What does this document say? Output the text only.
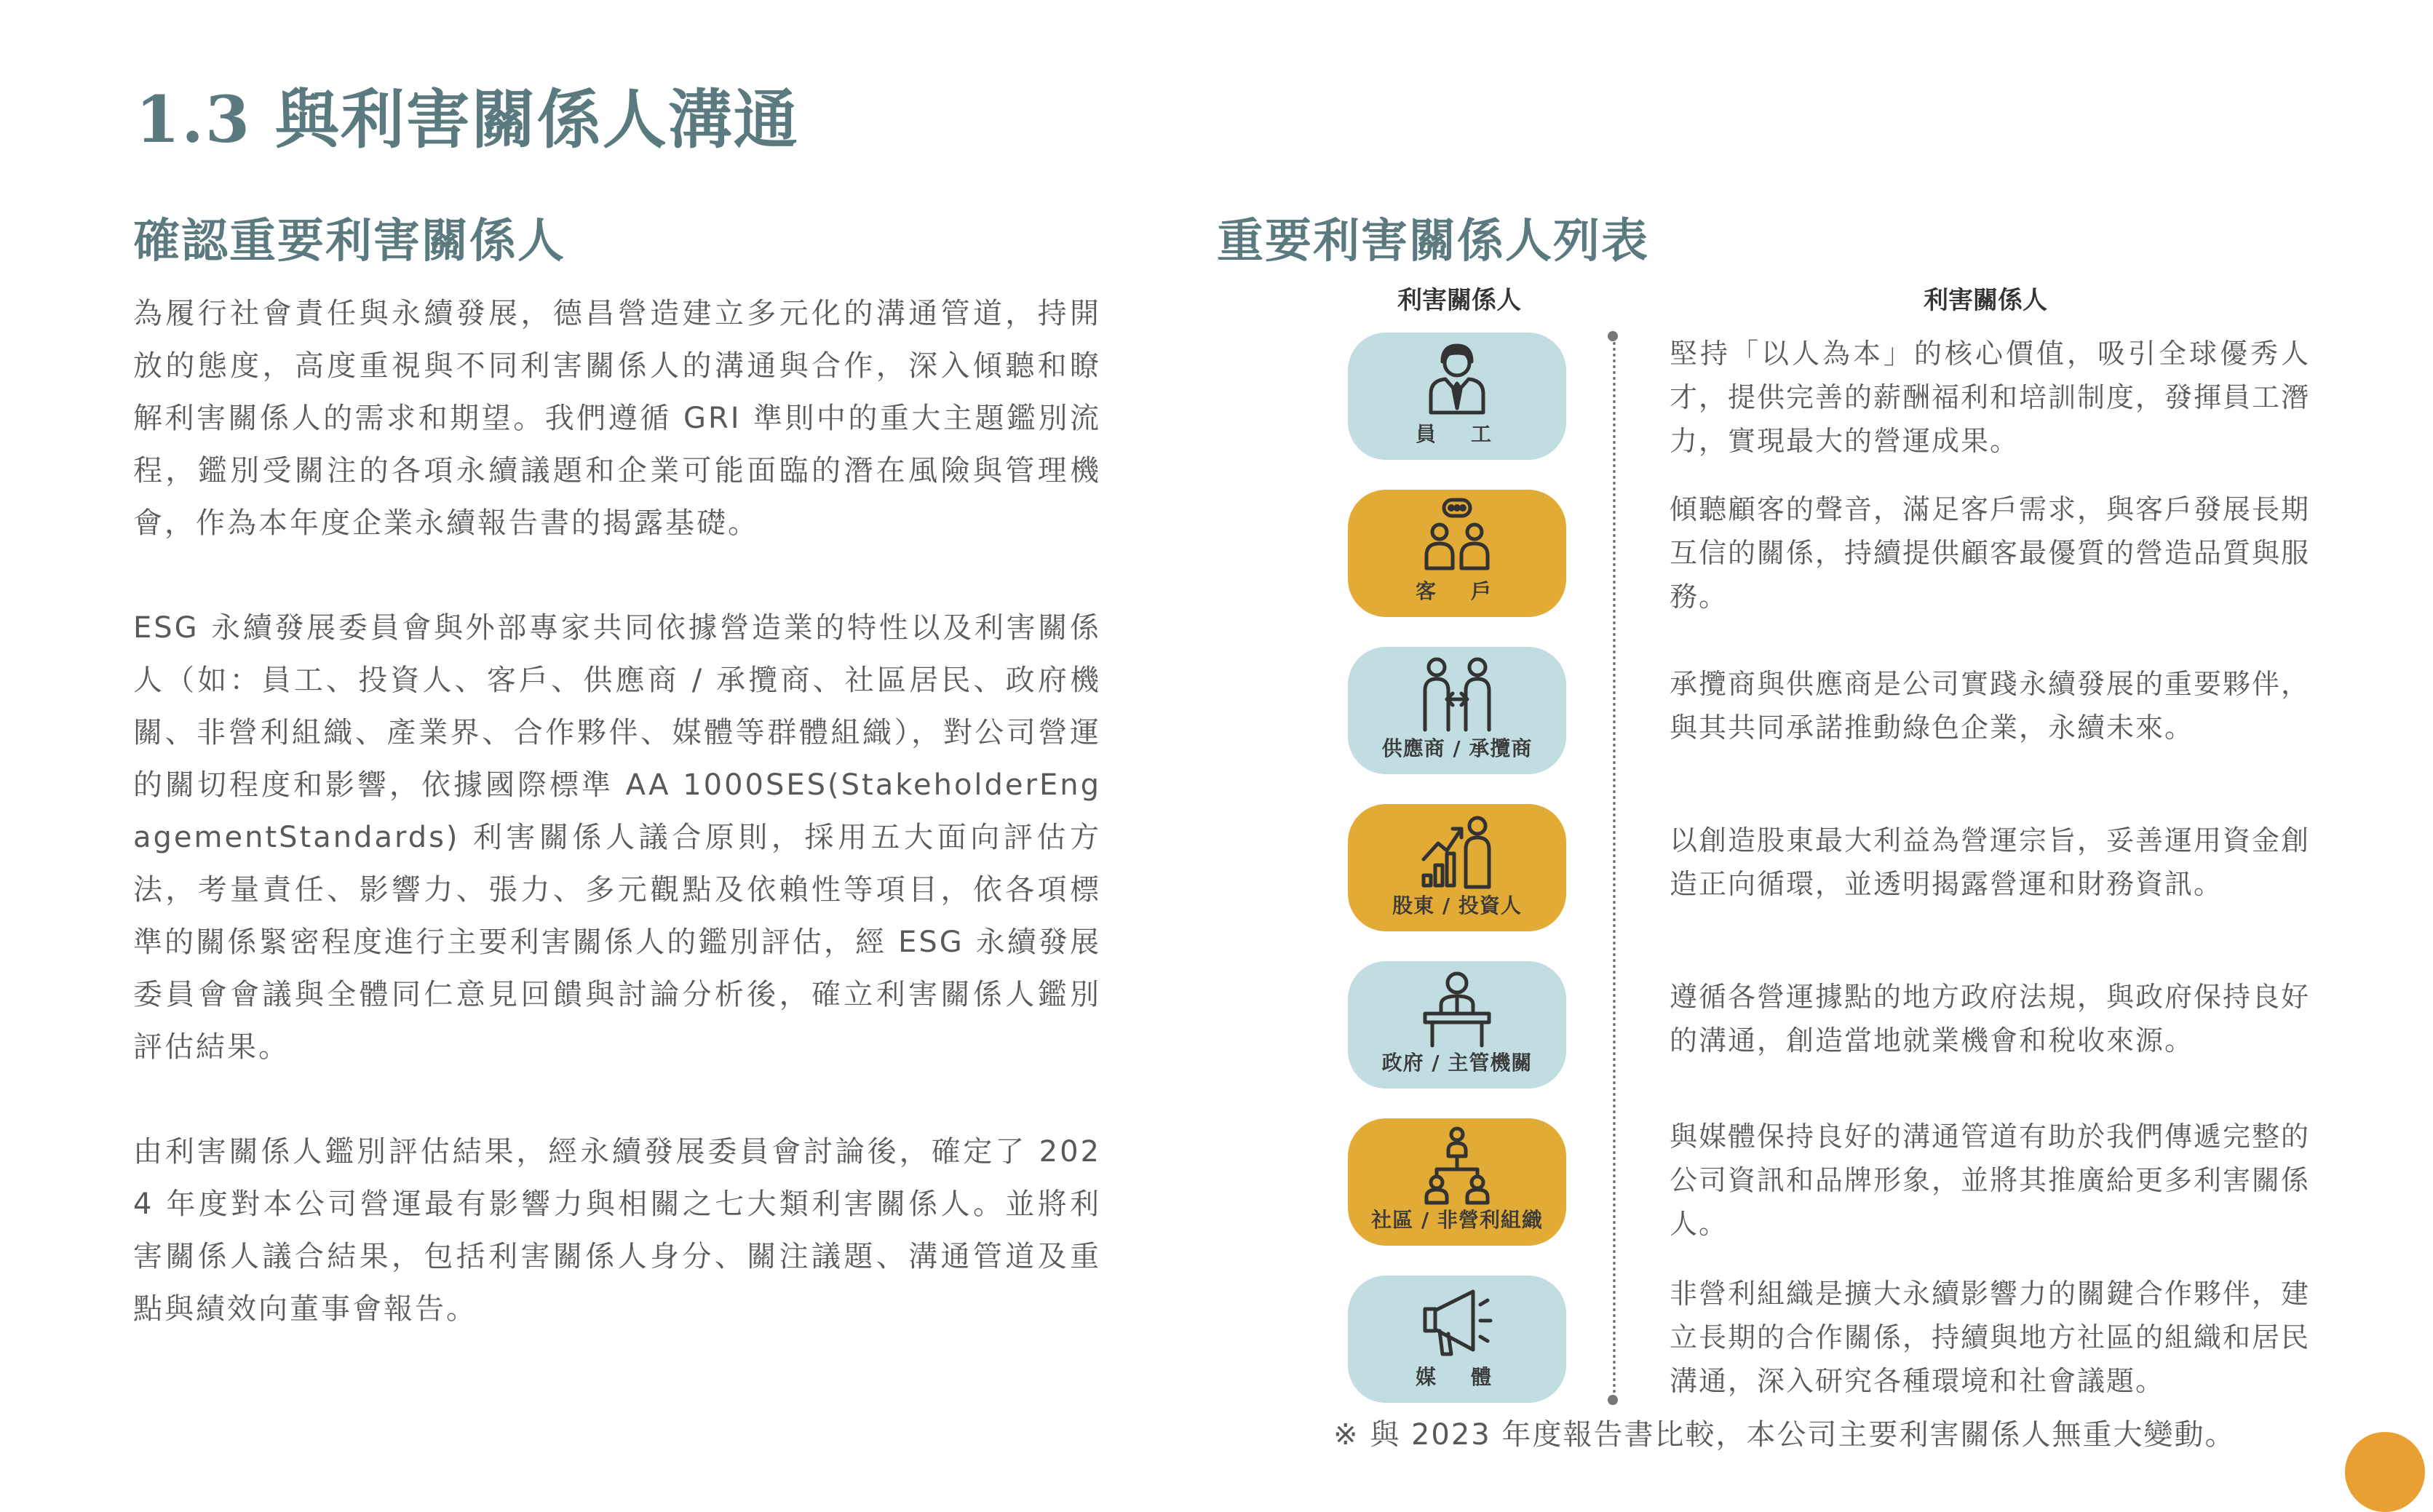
1.3 與利害關係人溝通
確認重要利害關係人

為履行社會責任與永續發展，德昌營造建立多元化的溝通管道，持開放的態度，高度重視與不同利害關係人的溝通與合作，深入傾聽和瞭解利害關係人的需求和期望。我們遵循 GRI 準則中的重大主題鑑別流程，鑑別受關注的各項永續議題和企業可能面臨的潛在風險與管理機會，作為本年度企業永續報告書的揭露基礎。

ESG 永續發展委員會與外部專家共同依據營造業的特性以及利害關係人（如：員工、投資人、客戶、供應商 / 承攬商、社區居民、政府機關、非營利組織、產業界、合作夥伴、媒體等群體組織），對公司營運的關切程度和影響，依據國際標準 AA 1000SES(StakeholderEngagementStandards) 利害關係人議合原則，採用五大面向評估方法，考量責任、影響力、張力、多元觀點及依賴性等項目，依各項標準的關係緊密程度進行主要利害關係人的鑑別評估，經 ESG 永續發展委員會會議與全體同仁意見回饋與討論分析後，確立利害關係人鑑別評估結果。

由利害關係人鑑別評估結果，經永續發展委員會討論後，確定了 2024 年度對本公司營運最有影響力與相關之七大類利害關係人。並將利害關係人議合結果，包括利害關係人身分、關注議題、溝通管道及重點與績效向董事會報告。

重要利害關係人列表
利害關係人	利害關係人
員　工
客　戶
供應商 / 承攬商
股東 / 投資人
政府 / 主管機關
社區 / 非營利組織
媒　體
堅持「以人為本」的核心價值，吸引全球優秀人才，提供完善的薪酬福利和培訓制度，發揮員工潛力，實現最大的營運成果。
傾聽顧客的聲音，滿足客戶需求，與客戶發展長期互信的關係，持續提供顧客最優質的營造品質與服務。
承攬商與供應商是公司實踐永續發展的重要夥伴，與其共同承諾推動綠色企業，永續未來。
以創造股東最大利益為營運宗旨，妥善運用資金創造正向循環，並透明揭露營運和財務資訊。
遵循各營運據點的地方政府法規，與政府保持良好的溝通，創造當地就業機會和稅收來源。
與媒體保持良好的溝通管道有助於我們傳遞完整的公司資訊和品牌形象，並將其推廣給更多利害關係人。
非營利組織是擴大永續影響力的關鍵合作夥伴，建立長期的合作關係，持續與地方社區的組織和居民溝通，深入研究各種環境和社會議題。
※ 與 2023 年度報告書比較，本公司主要利害關係人無重大變動。
